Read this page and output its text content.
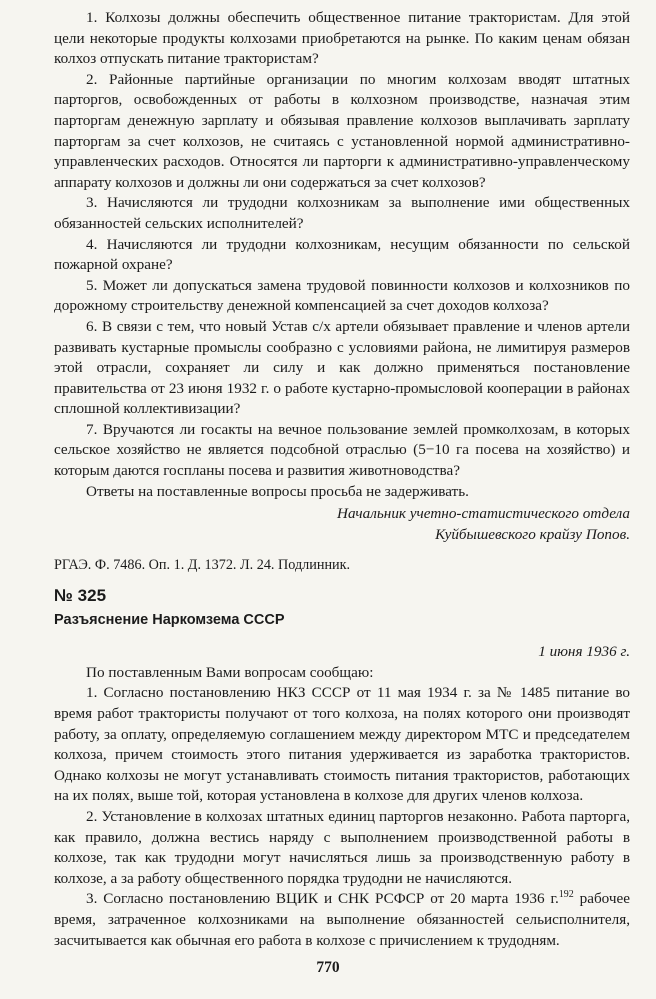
1. Колхозы должны обеспечить общественное питание трактористам. Для этой цели некоторые продукты колхозами приобретаются на рынке. По каким ценам обязан колхоз отпускать питание трактористам?

2. Районные партийные организации по многим колхозам вводят штатных парторгов, освобожденных от работы в колхозном производстве, назначая этим парторгам денежную зарплату и обязывая правление колхозов выплачивать зарплату парторгам за счет колхозов, не считаясь с установленной нормой административно-управленческих расходов. Относятся ли парторги к административно-управленческому аппарату колхозов и должны ли они содержаться за счет колхозов?

3. Начисляются ли трудодни колхозникам за выполнение ими общественных обязанностей сельских исполнителей?

4. Начисляются ли трудодни колхозникам, несущим обязанности по сельской пожарной охране?

5. Может ли допускаться замена трудовой повинности колхозов и колхозников по дорожному строительству денежной компенсацией за счет доходов колхоза?

6. В связи с тем, что новый Устав с/х артели обязывает правление и членов артели развивать кустарные промыслы сообразно с условиями района, не лимитируя размеров этой отрасли, сохраняет ли силу и как должно применяться постановление правительства от 23 июня 1932 г. о работе кустарно-промысловой кооперации в районах сплошной коллективизации?

7. Вручаются ли госакты на вечное пользование землей промколхозам, в которых сельское хозяйство не является подсобной отраслью (5−10 га посева на хозяйство) и которым даются госпланы посева и развития животноводства?

Ответы на поставленные вопросы просьба не задерживать.

Начальник учетно-статистического отдела

Куйбышевского крайзу Попов.

РГАЭ. Ф. 7486. Оп. 1. Д. 1372. Л. 24. Подлинник.

№ 325

Разъяснение Наркомзема СССР

1 июня 1936 г.

По поставленным Вами вопросам сообщаю:

1. Согласно постановлению НКЗ СССР от 11 мая 1934 г. за № 1485 питание во время работ трактористы получают от того колхоза, на полях которого они производят работу, за оплату, определяемую соглашением между директором МТС и председателем колхоза, причем стоимость этого питания удерживается из заработка трактористов. Однако колхозы не могут устанавливать стоимость питания трактористов, работающих на их полях, выше той, которая установлена в колхозе для других членов колхоза.

2. Установление в колхозах штатных единиц парторгов незаконно. Работа парторга, как правило, должна вестись наряду с выполнением производственной работы в колхозе, так как трудодни могут начисляться лишь за производственную работу в колхозе, а за работу общественного порядка трудодни не начисляются.

3. Согласно постановлению ВЦИК и СНК РСФСР от 20 марта 1936 г.$^{192}$ рабочее время, затраченное колхозниками на выполнение обязанностей сельисполнителя, засчитывается как обычная его работа в колхозе с причислением к трудодням.

770
